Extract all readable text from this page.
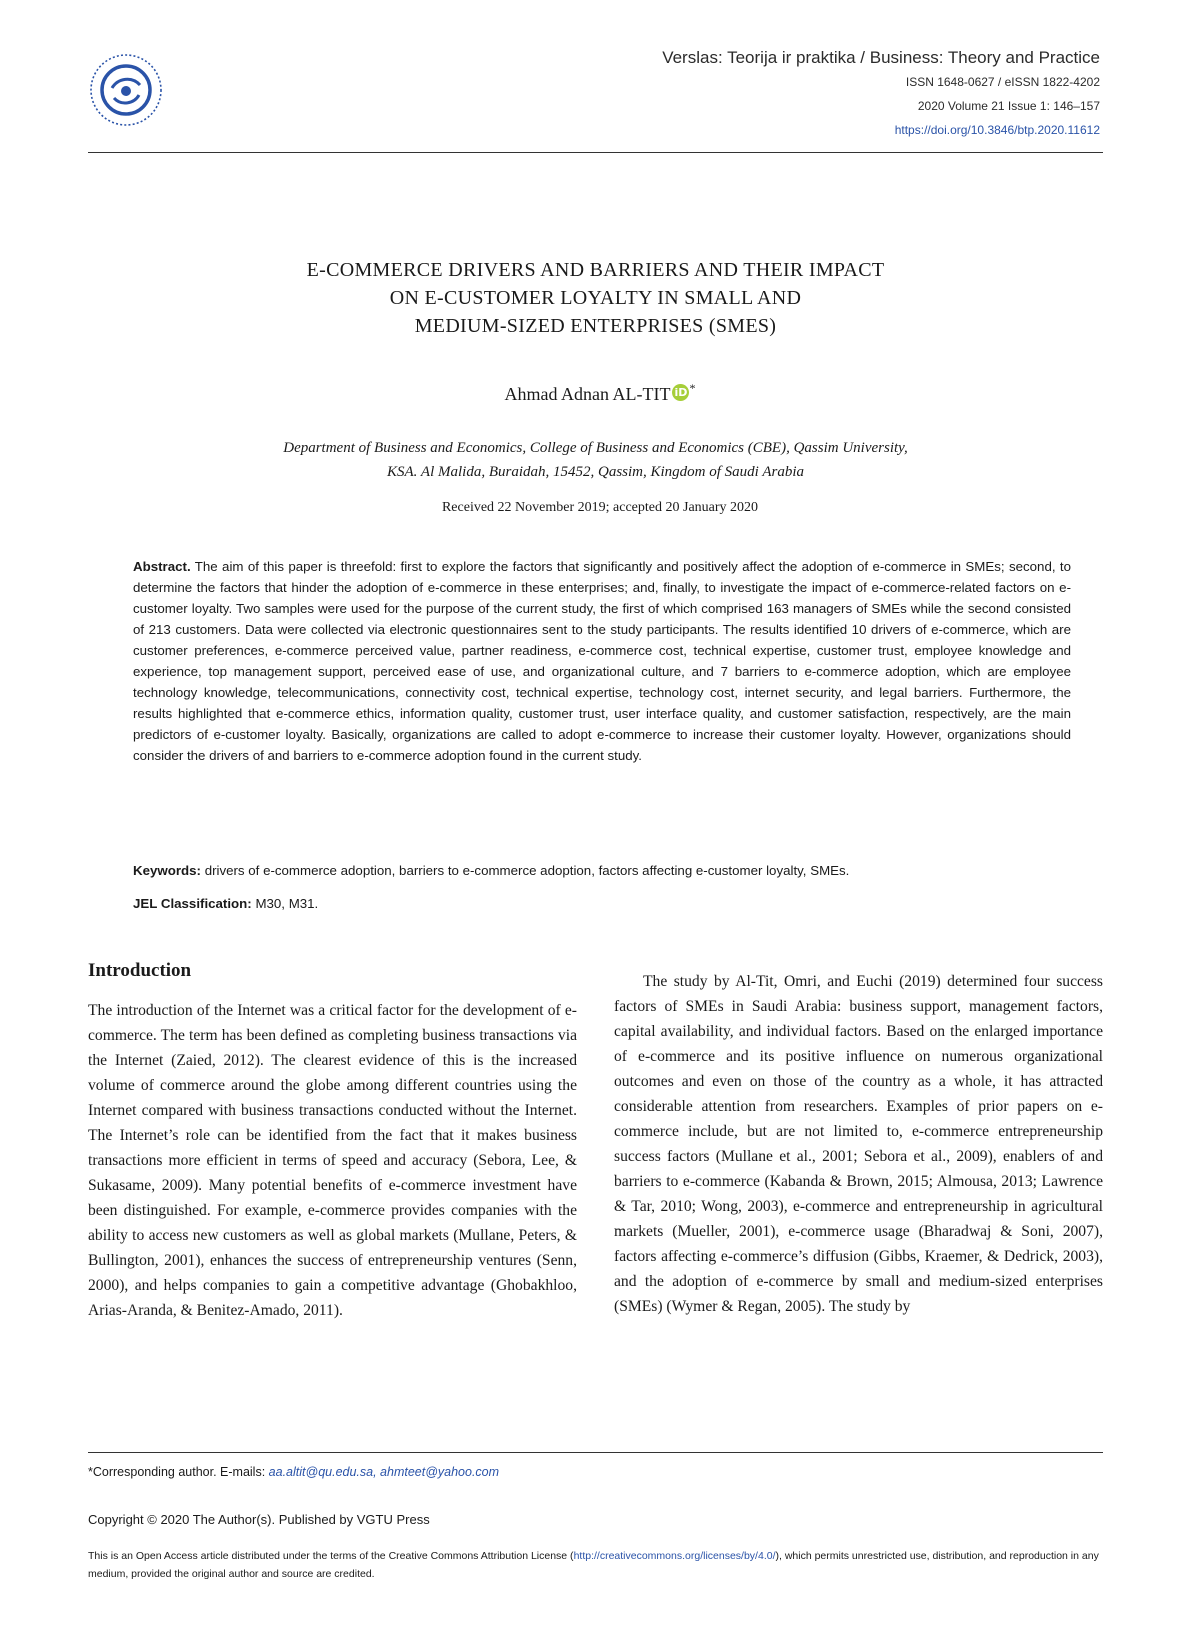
Verslas: Teorija ir praktika / Business: Theory and Practice
ISSN 1648-0627 / eISSN 1822-4202
2020 Volume 21 Issue 1: 146–157
https://doi.org/10.3846/btp.2020.11612
E-COMMERCE DRIVERS AND BARRIERS AND THEIR IMPACT
ON E-CUSTOMER LOYALTY IN SMALL AND
MEDIUM-SIZED ENTERPRISES (SMES)
Ahmad Adnan AL-TIT iD *
Department of Business and Economics, College of Business and Economics (CBE), Qassim University,
KSA. Al Malida, Buraidah, 15452, Qassim, Kingdom of Saudi Arabia
Received 22 November 2019; accepted 20 January 2020

Abstract. The aim of this paper is threefold: first to explore the factors that significantly and positively affect the adoption of e-commerce in SMEs; second, to determine the factors that hinder the adoption of e-commerce in these enterprises; and, finally, to investigate the impact of e-commerce-related factors on e-customer loyalty. Two samples were used for the purpose of the current study, the first of which comprised 163 managers of SMEs while the second consisted of 213 customers. Data were collected via electronic questionnaires sent to the study participants. The results identified 10 drivers of e-commerce, which are customer preferences, e-commerce perceived value, partner readiness, e-commerce cost, technical expertise, customer trust, employee knowledge and experience, top management support, perceived ease of use, and organizational culture, and 7 barriers to e-commerce adoption, which are employee technology knowledge, telecommunications, connectivity cost, technical expertise, technology cost, internet security, and legal barriers. Furthermore, the results highlighted that e-commerce ethics, information quality, customer trust, user interface quality, and customer satisfaction, respectively, are the main predictors of e-customer loyalty. Basically, organizations are called to adopt e-commerce to increase their customer loyalty. However, organizations should consider the drivers of and barriers to e-commerce adoption found in the current study.

Keywords: drivers of e-commerce adoption, barriers to e-commerce adoption, factors affecting e-customer loyalty, SMEs.

JEL Classification: M30, M31.

Introduction

The introduction of the Internet was a critical factor for the development of e-commerce. The term has been defined as completing business transactions via the Internet (Zaied, 2012). The clearest evidence of this is the increased volume of commerce around the globe among different countries using the Internet compared with business transactions conducted without the Internet. The Internet’s role can be identified from the fact that it makes business transactions more efficient in terms of speed and accuracy (Sebora, Lee, & Sukasame, 2009). Many potential benefits of e-commerce investment have been distinguished. For example, e-commerce provides companies with the ability to access new customers as well as global markets (Mullane, Peters, & Bullington, 2001), enhances the success of entrepreneurship ventures (Senn, 2000), and helps companies to gain a competitive advantage (Ghobakhloo, Arias-Aranda, & Benitez-Amado, 2011).

The study by Al-Tit, Omri, and Euchi (2019) determined four success factors of SMEs in Saudi Arabia: business support, management factors, capital availability, and individual factors. Based on the enlarged importance of e-commerce and its positive influence on numerous organizational outcomes and even on those of the country as a whole, it has attracted considerable attention from researchers. Examples of prior papers on e-commerce include, but are not limited to, e-commerce entrepreneurship success factors (Mullane et al., 2001; Sebora et al., 2009), enablers of and barriers to e-commerce (Kabanda & Brown, 2015; Almousa, 2013; Lawrence & Tar, 2010; Wong, 2003), e-commerce and entrepreneurship in agricultural markets (Mueller, 2001), e-commerce usage (Bharadwaj & Soni, 2007), factors affecting e-commerce’s diffusion (Gibbs, Kraemer, & Dedrick, 2003), and the adoption of e-commerce by small and medium-sized enterprises (SMEs) (Wymer & Regan, 2005). The study by

*Corresponding author. E-mails: aa.altit@qu.edu.sa, ahmteet@yahoo.com
Copyright © 2020 The Author(s). Published by VGTU Press

This is an Open Access article distributed under the terms of the Creative Commons Attribution License (http://creativecommons.org/licenses/by/4.0/), which permits unrestricted use, distribution, and reproduction in any medium, provided the original author and source are credited.
